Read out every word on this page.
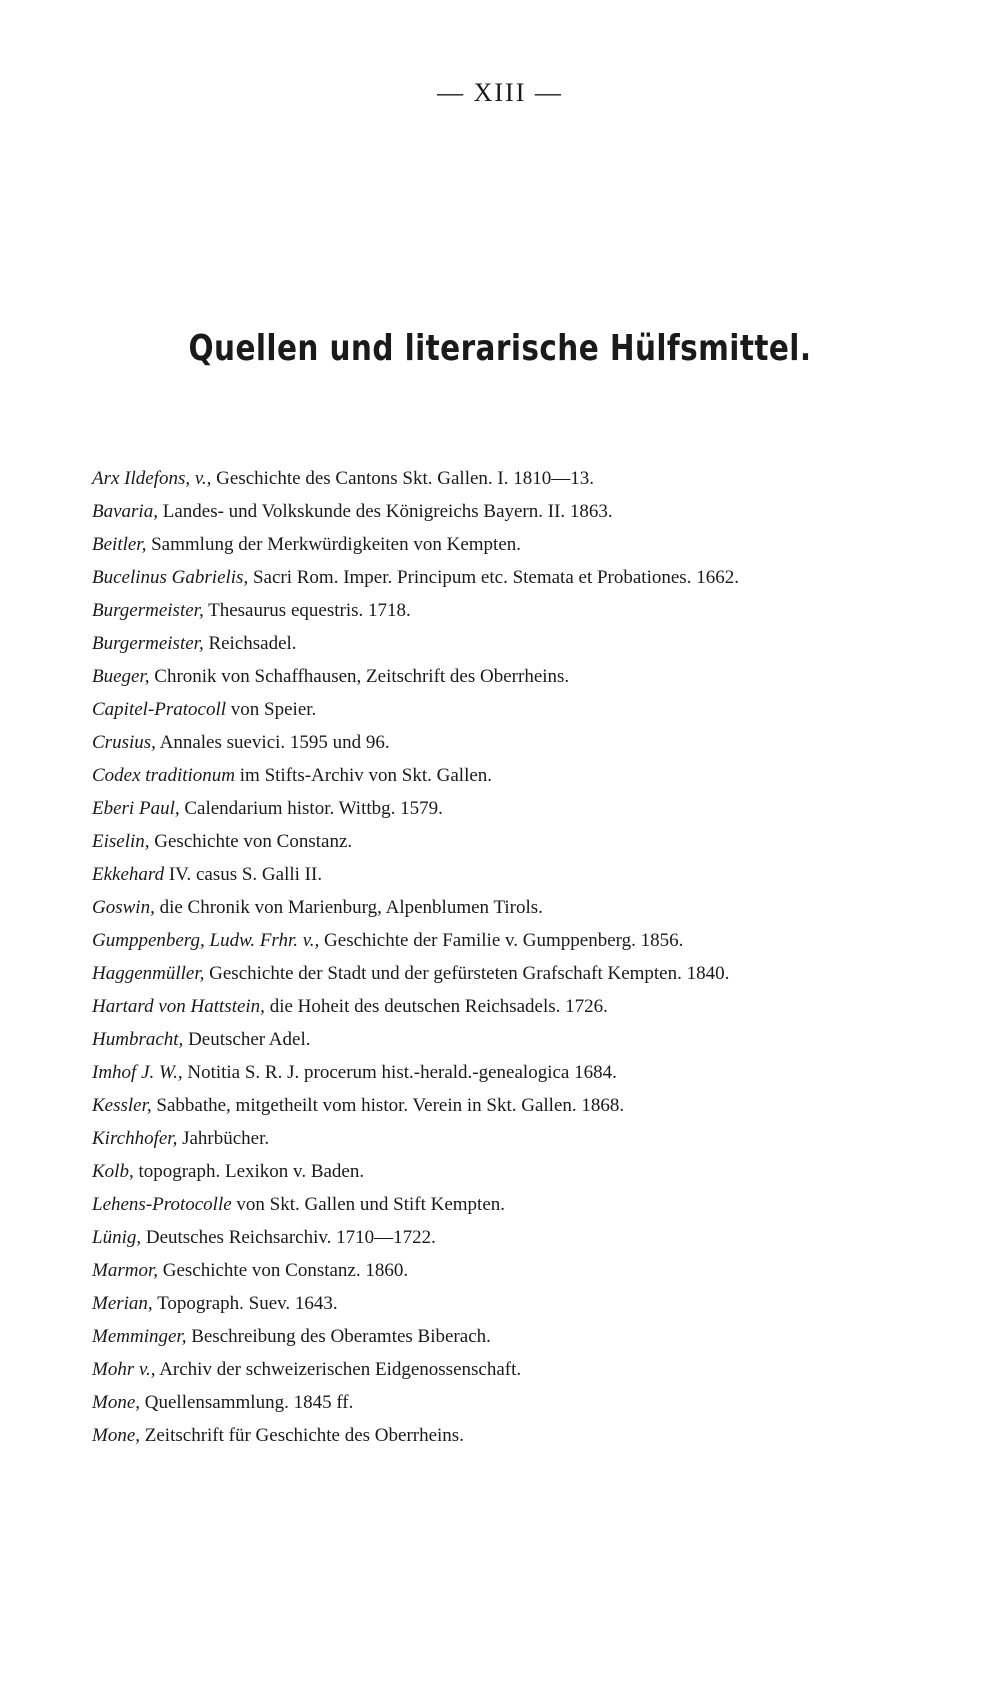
— XIII —
Quellen und literarische Hülfsmittel.
Arx Ildefons, v., Geschichte des Cantons Skt. Gallen. I. 1810—13.
Bavaria, Landes- und Volkskunde des Königreichs Bayern. II. 1863.
Beitler, Sammlung der Merkwürdigkeiten von Kempten.
Bucelinus Gabrielis, Sacri Rom. Imper. Principum etc. Stemata et Probationes. 1662.
Burgermeister, Thesaurus equestris. 1718.
Burgermeister, Reichsadel.
Bueger, Chronik von Schaffhausen, Zeitschrift des Oberrheins.
Capitel-Pratocoll von Speier.
Crusius, Annales suevici. 1595 und 96.
Codex traditionum im Stifts-Archiv von Skt. Gallen.
Eberi Paul, Calendarium histor. Wittbg. 1579.
Eiselin, Geschichte von Constanz.
Ekkehard IV. casus S. Galli II.
Goswin, die Chronik von Marienburg, Alpenblumen Tirols.
Gumppenberg, Ludw. Frhr. v., Geschichte der Familie v. Gumppenberg. 1856.
Haggenmüller, Geschichte der Stadt und der gefürsteten Grafschaft Kempten. 1840.
Hartard von Hattstein, die Hoheit des deutschen Reichsadels. 1726.
Humbracht, Deutscher Adel.
Imhof J. W., Notitia S. R. J. procerum hist.-herald.-genealogica 1684.
Kessler, Sabbathe, mitgetheilt vom histor. Verein in Skt. Gallen. 1868.
Kirchhofer, Jahrbücher.
Kolb, topograph. Lexikon v. Baden.
Lehens-Protocolle von Skt. Gallen und Stift Kempten.
Lünig, Deutsches Reichsarchiv. 1710—1722.
Marmor, Geschichte von Constanz. 1860.
Merian, Topograph. Suev. 1643.
Memminger, Beschreibung des Oberamtes Biberach.
Mohr v., Archiv der schweizerischen Eidgenossenschaft.
Mone, Quellensammlung. 1845 ff.
Mone, Zeitschrift für Geschichte des Oberrheins.
